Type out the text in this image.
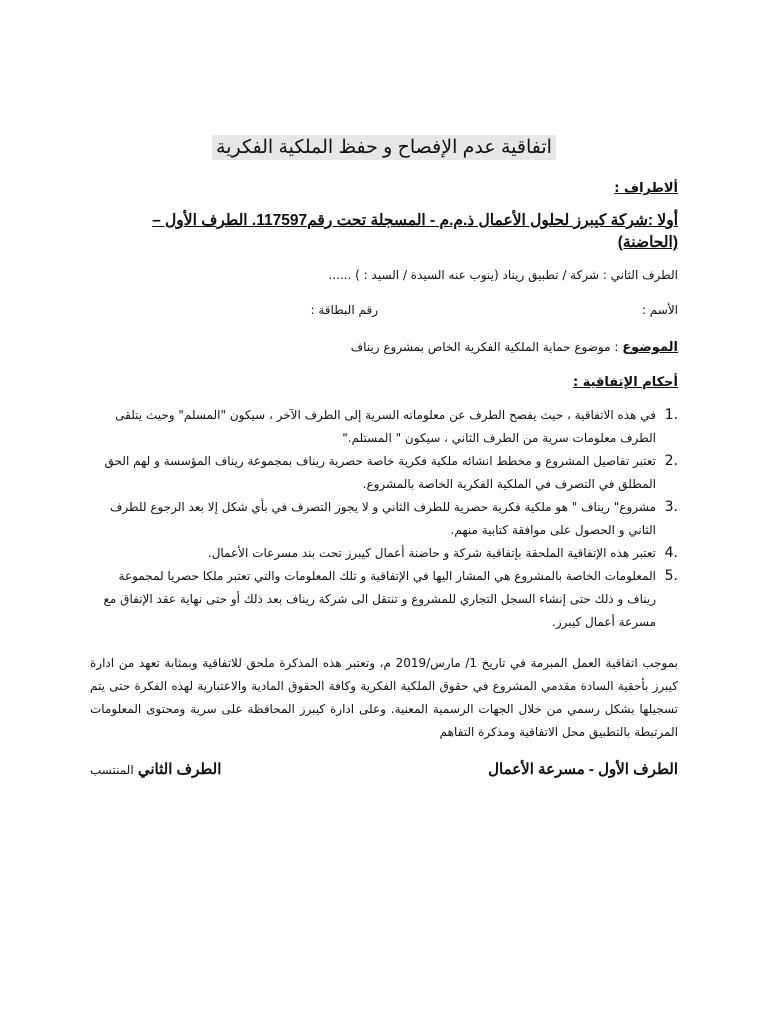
اتفاقية عدم الإفصاح و حفظ الملكية الفكرية
ألاطراف :
أولا :شركة كيبرز لحلول الأعمال ذ.م.م - المسجلة تحت رقم117597. الطرف الأول – (الحاضنة)
الطرف الثاني : شركة / تطبيق ريناد (ينوب عنه السيدة / السيد : ) ......
الأسم :
رقم البطاقة :
الموضوع : موضوع حماية الملكية الفكرية الخاص بمشروع ريناف
أحكام الإتفاقية :
1.
في هذه الاتفاقية ، حيث يفصح الطرف عن معلوماته السرية إلى الطرف الآخر ، سيكون "المسلم" وحيث يتلقى الطرف معلومات سرية من الطرف الثاني ، سيكون " المستلم."
2.
تعتبر تفاصيل المشروع و مخطط انشائه ملكية فكرية خاصة حصرية ريناف بمجموعة ريناف المؤسسة و لهم الحق المطلق في التصرف في الملكية الفكرية الخاصة بالمشروع.
3.
مشروع" ريناف " هو ملكية فكرية حصرية للطرف الثاني و لا يجوز التصرف في بأي شكل إلا بعد الرجوع للطرف الثاني و الحصول على موافقة كتابية منهم.
4.
تعتبر هذه الإتفاقية الملحقة بإتفاقية شركة و حاضنة أعمال كيبرز تحت بند مسرعات الأعمال.
5.
المعلومات الخاصة بالمشروع هي المشار اليها في الإتفاقية و تلك المعلومات والتي تعتبر ملكا حصريا لمجموعة ريناف و ذلك حتى إنشاء السجل التجاري للمشروع و تنتقل الى شركة ريناف بعد ذلك أو حتى نهاية عقد الإتفاق مع مسرعة أعمال كيبرز.
بموجب اتفاقية العمل المبرمة في تاريخ 1/ مارس/2019 م، وتعتبر هذه المذكرة ملحق للاتفاقية وبمثابة تعهد من ادارة كيبرز بأحقية السادة مقدمي المشروع في حقوق الملكية الفكرية وكافة الحقوق المادية والاعتبارية لهذه الفكرة حتى يتم تسجيلها بشكل رسمي من خلال الجهات الرسمية المعنية. وعلى ادارة كيبرز المحافظة على سرية ومحتوى المعلومات المرتبطة بالتطبيق محل الاتفاقية ومذكرة التفاهم
الطرف الأول - مسرعة الأعمال
الطرف الثاني المنتسب
